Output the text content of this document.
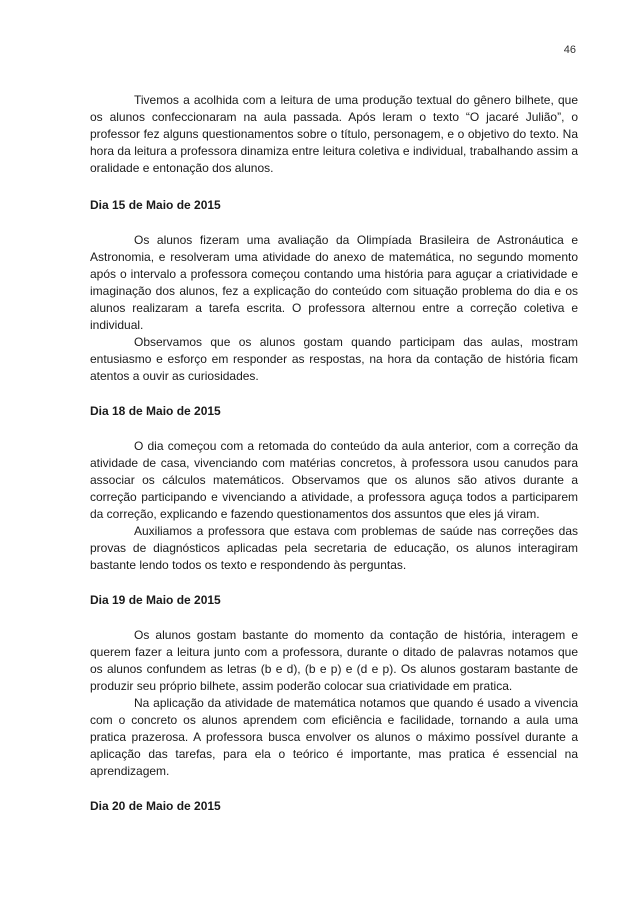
46

Tivemos a acolhida com a leitura de uma produção textual do gênero bilhete, que os alunos confeccionaram na aula passada. Após leram o texto “O jacaré Julião”, o professor fez alguns questionamentos sobre o título, personagem, e o objetivo do texto. Na hora da leitura a professora dinamiza entre leitura coletiva e individual, trabalhando assim a oralidade e entonação dos alunos.

Dia 15 de Maio de 2015

Os alunos fizeram uma avaliação da Olimpíada Brasileira de Astronáutica e Astronomia, e resolveram uma atividade do anexo de matemática, no segundo momento após o intervalo a professora começou contando uma história para aguçar a criatividade e imaginação dos alunos, fez a explicação do conteúdo com situação problema do dia e os alunos realizaram a tarefa escrita. O professora alternou entre a correção coletiva e individual.

Observamos que os alunos gostam quando participam das aulas, mostram entusiasmo e esforço em responder as respostas, na hora da contação de história ficam atentos a ouvir as curiosidades.

Dia 18 de Maio de 2015

O dia começou com a retomada do conteúdo da aula anterior, com a correção da atividade de casa, vivenciando com matérias concretos, à professora usou canudos para associar os cálculos matemáticos. Observamos que os alunos são ativos durante a correção participando e vivenciando a atividade, a professora aguça todos a participarem da correção, explicando e fazendo questionamentos dos assuntos que eles já viram.

Auxiliamos a professora que estava com problemas de saúde nas correções das provas de diagnósticos aplicadas pela secretaria de educação, os alunos interagiram bastante lendo todos os texto e respondendo às perguntas.

Dia 19 de Maio de 2015

Os alunos gostam bastante do momento da contação de história, interagem e querem fazer a leitura junto com a professora, durante o ditado de palavras notamos que os alunos confundem as letras (b e d), (b e p) e (d e p). Os alunos gostaram bastante de produzir seu próprio bilhete, assim poderão colocar sua criatividade em pratica.

Na aplicação da atividade de matemática notamos que quando é usado a vivencia com o concreto os alunos aprendem com eficiência e facilidade, tornando a aula uma pratica prazerosa. A professora busca envolver os alunos o máximo possível durante a aplicação das tarefas, para ela o teórico é importante, mas pratica é essencial na aprendizagem.

Dia 20 de Maio de 2015
